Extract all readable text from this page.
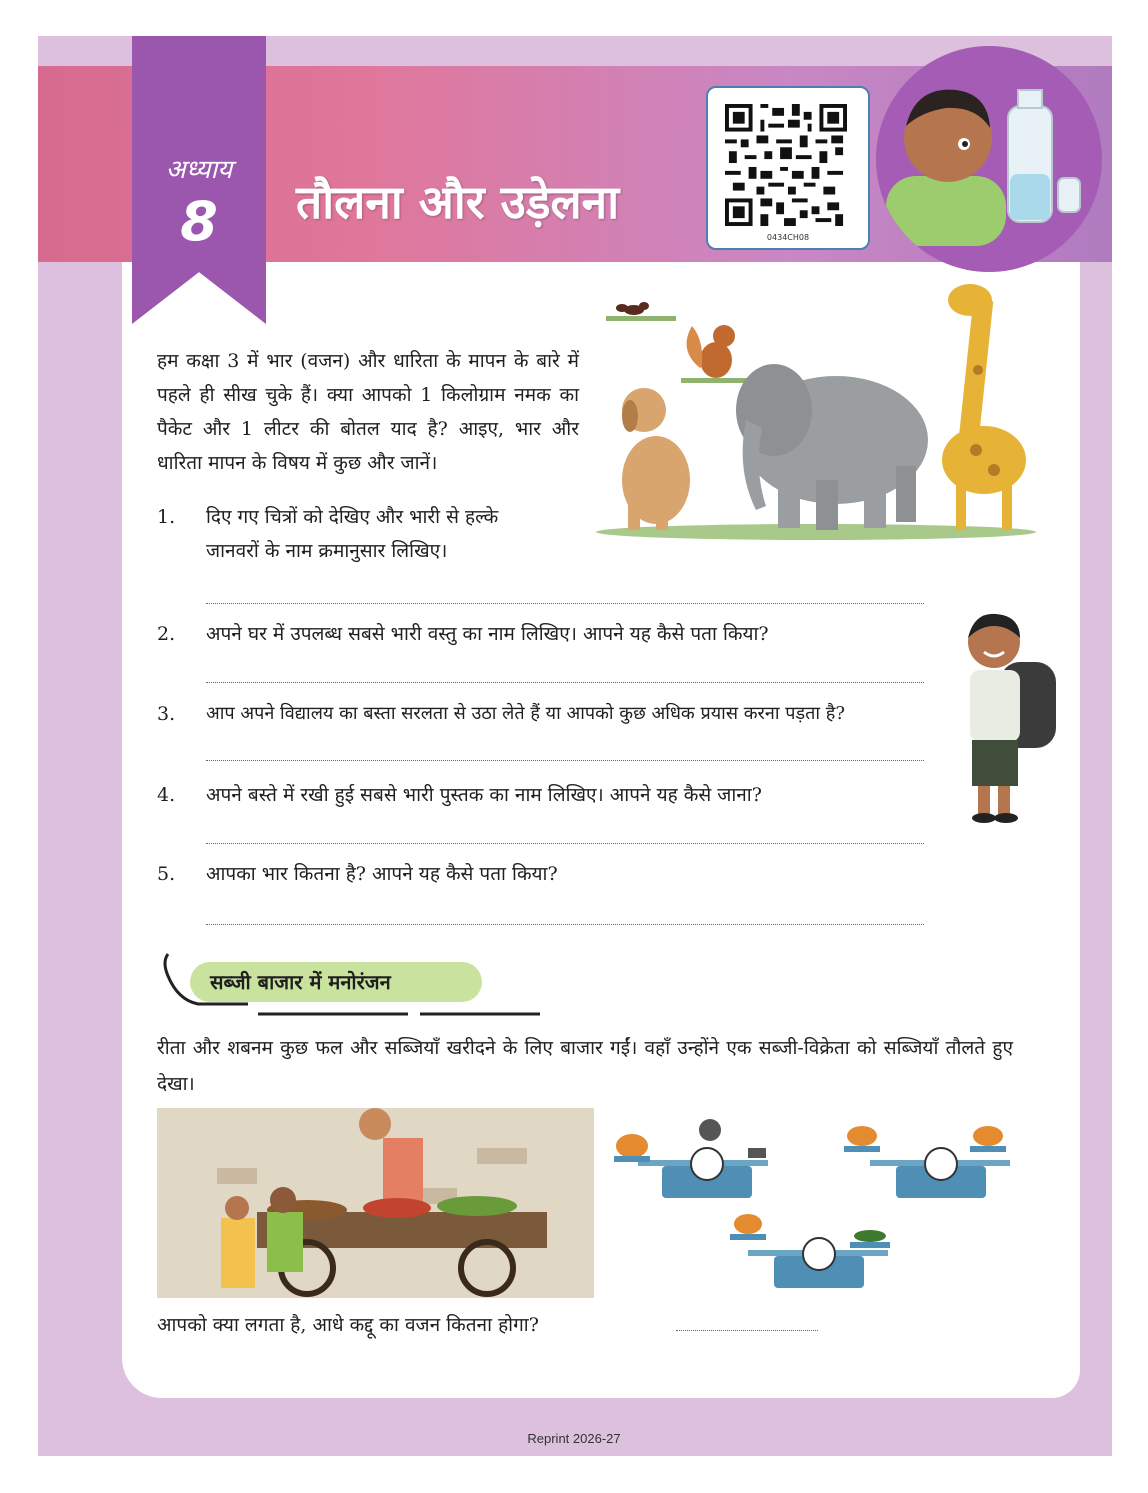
अध्याय
8	तौलना और उड़ेलना
0434CH08
हम कक्षा 3 में भार (वजन) और धारिता के मापन के बारे में पहले ही सीख चुके हैं। क्या आपको 1 किलोग्राम नमक का पैकेट और 1 लीटर की बोतल याद है? आइए, भार और धारिता मापन के विषय में कुछ और जानें।
1.	दिए गए चित्रों को देखिए और भारी से हल्के
जानवरों के नाम क्रमानुसार लिखिए।
2.	अपने घर में उपलब्ध सबसे भारी वस्तु का नाम लिखिए। आपने यह कैसे पता किया?
3.	आप अपने विद्यालय का बस्ता सरलता से उठा लेते हैं या आपको कुछ अधिक प्रयास करना पड़ता है?
4.	अपने बस्ते में रखी हुई सबसे भारी पुस्तक का नाम लिखिए। आपने यह कैसे जाना?
5.	आपका भार कितना है? आपने यह कैसे पता किया?
सब्जी बाजार में मनोरंजन
रीता और शबनम कुछ फल और सब्जियाँ खरीदने के लिए बाजार गईं। वहाँ उन्होंने एक सब्जी-विक्रेता को सब्जियाँ तौलते हुए देखा।
आपको क्या लगता है, आधे कद्दू का वजन कितना होगा?
Reprint 2026-27
